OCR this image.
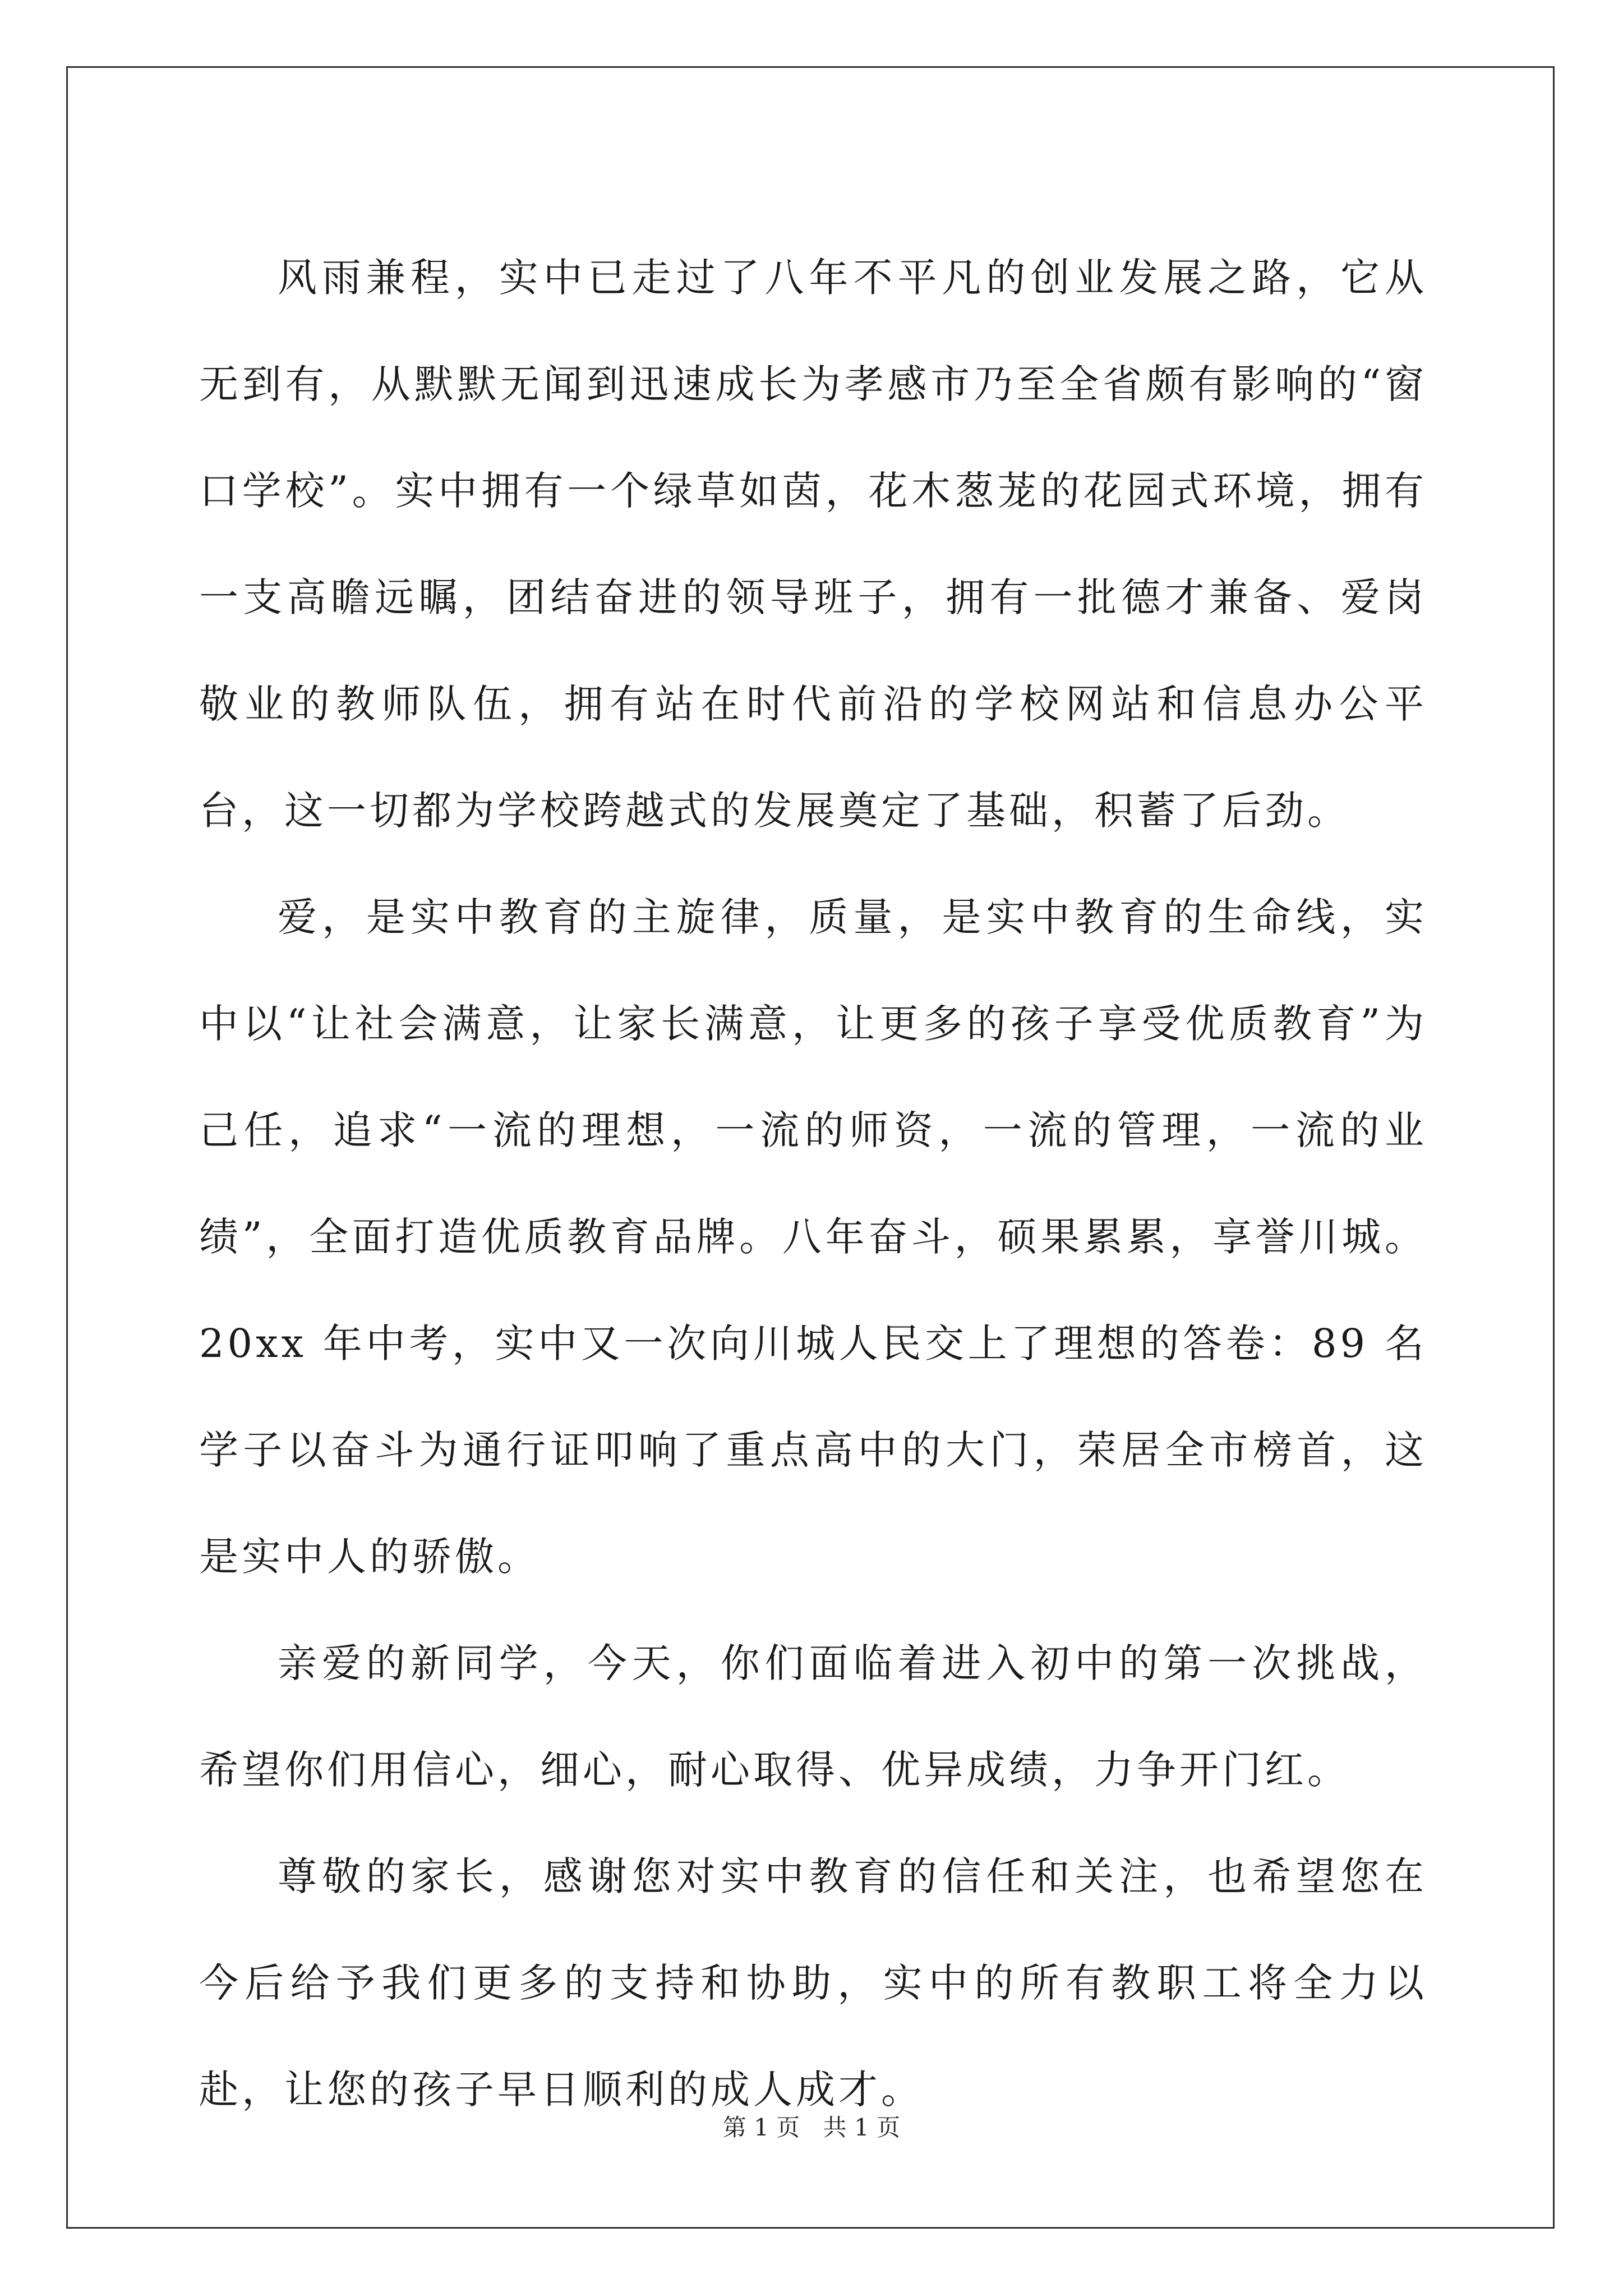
风雨兼程，实中已走过了八年不平凡的创业发展之路，它从无到有，从默默无闻到迅速成长为孝感市乃至全省颇有影响的“窗口学校”。实中拥有一个绿草如茵，花木葱茏的花园式环境，拥有一支高瞻远瞩，团结奋进的领导班子，拥有一批德才兼备、爱岗敬业的教师队伍，拥有站在时代前沿的学校网站和信息办公平台，这一切都为学校跨越式的发展奠定了基础，积蓄了后劲。

爱，是实中教育的主旋律，质量，是实中教育的生命线，实中以“让社会满意，让家长满意，让更多的孩子享受优质教育”为己任，追求“一流的理想，一流的师资，一流的管理，一流的业绩”，全面打造优质教育品牌。八年奋斗，硕果累累，享誉川城。20xx 年中考，实中又一次向川城人民交上了理想的答卷：89 名学子以奋斗为通行证叩响了重点高中的大门，荣居全市榜首，这是实中人的骄傲。

亲爱的新同学，今天，你们面临着进入初中的第一次挑战，希望你们用信心，细心，耐心取得、优异成绩，力争开门红。

尊敬的家长，感谢您对实中教育的信任和关注，也希望您在今后给予我们更多的支持和协助，实中的所有教职工将全力以赴，让您的孩子早日顺利的成人成才。

第 1 页 共 1 页
